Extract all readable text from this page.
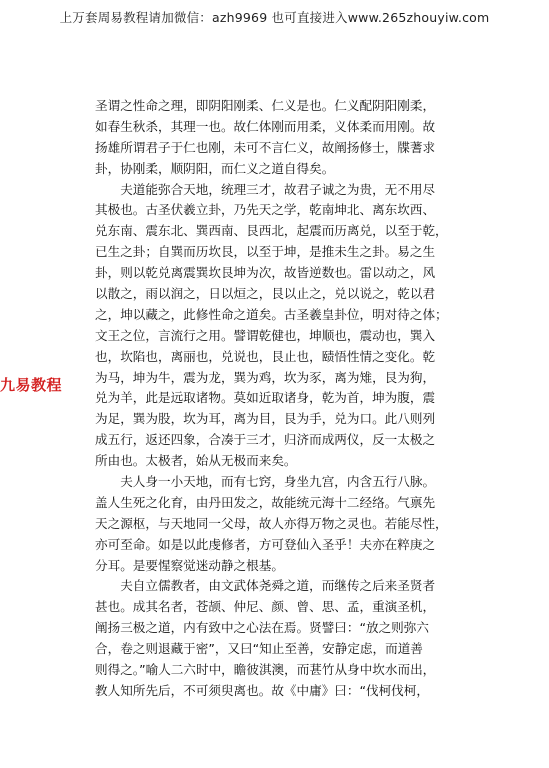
上万套周易教程请加微信：azh9969 也可直接进入www.265zhouyiw.com
圣谓之性命之理，即阴阳刚柔、仁义是也。仁义配阴阳刚柔，
如春生秋杀，其理一也。故仁体刚而用柔，义体柔而用刚。故
扬雄所谓君子于仁也刚，未可不言仁义，故阐扬修士，牒蓍求
卦，协刚柔，顺阴阳，而仁义之道自得矣。
　　夫道能弥合天地，统理三才，故君子诚之为贵，无不用尽
其极也。古圣伏羲立卦，乃先天之学，乾南坤北、离东坎西、
兑东南、震东北、巽西南、艮西北，起震而历离兑，以至于乾，
已生之卦；自巽而历坎艮，以至于坤，是推未生之卦。易之生
卦，则以乾兑离震巽坎艮坤为次，故皆逆数也。雷以动之，风
以散之，雨以润之，日以烜之，艮以止之，兑以说之，乾以君
之，坤以藏之，此修性命之道矣。古圣羲皇卦位，明对待之体；
文王之位，言流行之用。譬谓乾健也，坤顺也，震动也，巽入
也，坎陷也，离丽也，兑说也，艮止也，赜悟性情之变化。乾
为马，坤为牛，震为龙，巽为鸡，坎为豕，离为雉，艮为狗，
兑为羊，此是远取诸物。莫如近取诸身，乾为首，坤为腹，震
为足，巽为股，坎为耳，离为目，艮为手，兑为口。此八则列
成五行，返还四象，合凑于三才，归济而成两仪，反一太极之
所由也。太极者，始从无极而来矣。
　　夫人身一小天地，而有七窍，身坐九宫，内含五行八脉。
盖人生死之化育，由丹田发之，故能统元海十二经络。气禀先
天之源枢，与天地同一父母，故人亦得万物之灵也。若能尽性，
亦可至命。如是以此虔修者，方可登仙入圣乎！夫亦在粹庚之
分耳。是要惺察觉迷动静之根基。
　　夫自立儒教者，由文武体尧舜之道，而继传之后来圣贤者
甚也。成其名者，苍颉、仲尼、颜、曾、思、孟，重演圣机，
阐扬三极之道，内有致中之心法在焉。贤譬曰：“放之则弥六
合，卷之则退藏于密”，又曰“知止至善，安静定虑，而道善
则得之。”喻人二六时中，瞻彼淇澳，而葚竹从身中坎水而出，
教人知所先后，不可须臾离也。故《中庸》曰：“伐柯伐柯，
九易教程
